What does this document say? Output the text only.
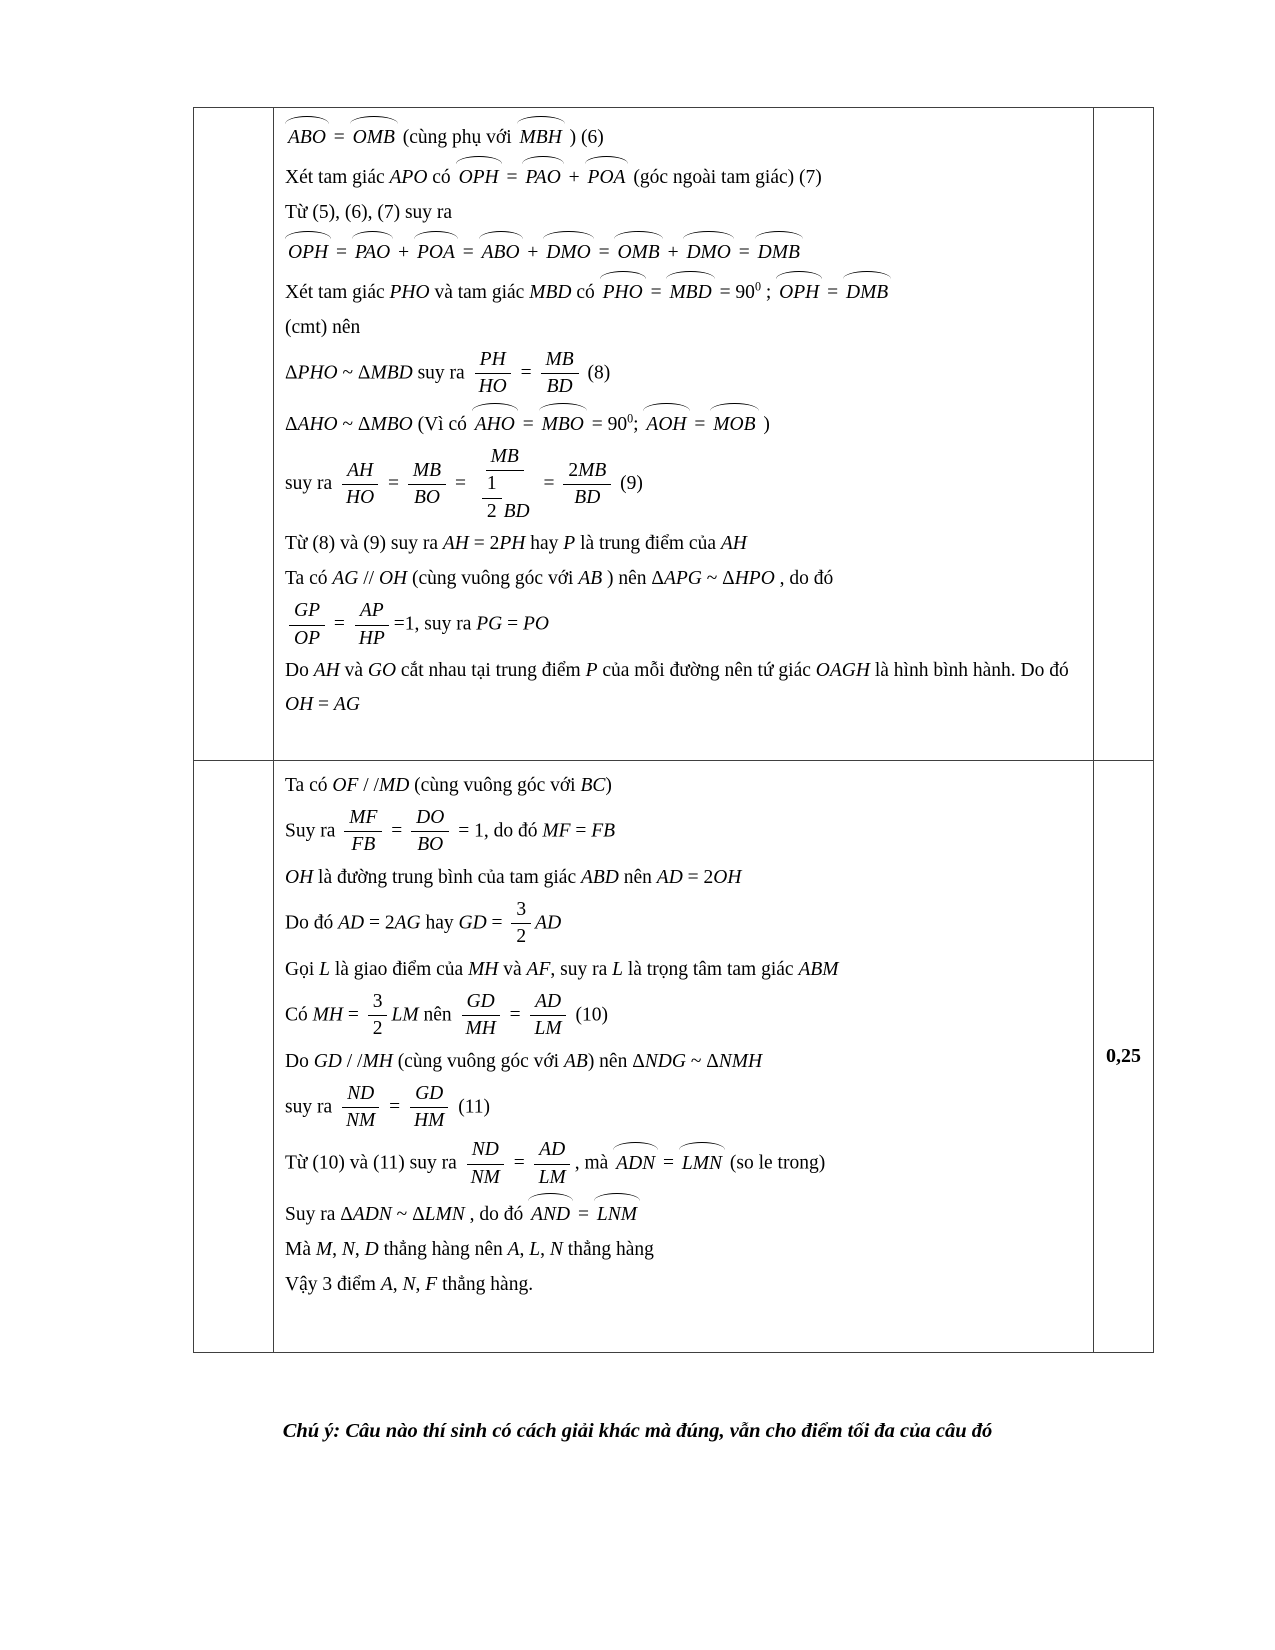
ABO = OMB (cùng phụ với MBH ) (6)
Xét tam giác APO có OPH = PAO + POA (góc ngoài tam giác) (7)
Từ (5), (6), (7) suy ra
OPH = PAO + POA = ABO + DMO = OMB + DMO = DMB
Xét tam giác PHO và tam giác MBD có PHO = MBD = $90^0$ ; OPH = DMB
(cmt) nên
ΔPHO ~ ΔMBD suy ra $\frac{PH}{HO} = \frac{MB}{BD} (8)$
ΔAHO ~ ΔMBO (Vì có AHO = MBO = $90^0$; AOH = MOB )
suy ra $\frac{AH}{HO} = \frac{MB}{BO} = \frac{MB}{\frac{1}{2} BD} = \frac{2 MB}{BD} (9)$
Từ (8) và (9) suy ra AH = 2PH hay P là trung điểm của AH
Ta có AG // OH (cùng vuông góc với AB ) nên ΔAPG ~ ΔHPO , do đó
$\frac{GP}{OP} = \frac{AP}{HP} =1$, suy ra PG = PO
Do AH và GO cắt nhau tại trung điểm P của mỗi đường nên tứ giác OAGH là hình bình hành. Do đó OH = AG

Ta có OF / /MD (cùng vuông góc với BC)
Suy ra $\frac{MF}{FB} = \frac{DO}{BO} = 1$, do đó MF = FB
OH là đường trung bình của tam giác ABD nên AD = 2OH
Do đó AD = 2AG hay GD = $\frac{3}{2}$ AD
Gọi L là giao điểm của MH và AF, suy ra L là trọng tâm tam giác ABM
Có MH = $\frac{3}{2}$ LM nên $\frac{GD}{MH} = \frac{AD}{LM} (10)$
Do GD / /MH (cùng vuông góc với AB) nên ΔNDG ~ ΔNMH
suy ra $\frac{ND}{NM} = \frac{GD}{HM} (11)$
Từ (10) và (11) suy ra $\frac{ND}{NM} = \frac{AD}{LM}$ , mà ADN = LMN (so le trong)
Suy ra ΔADN ~ ΔLMN , do đó AND = LNM
Mà M, N, D thẳng hàng nên A, L, N thẳng hàng
Vậy 3 điểm A, N, F thẳng hàng.
	0,25
Chú ý: Câu nào thí sinh có cách giải khác mà đúng, vẫn cho điểm tối đa của câu đó
